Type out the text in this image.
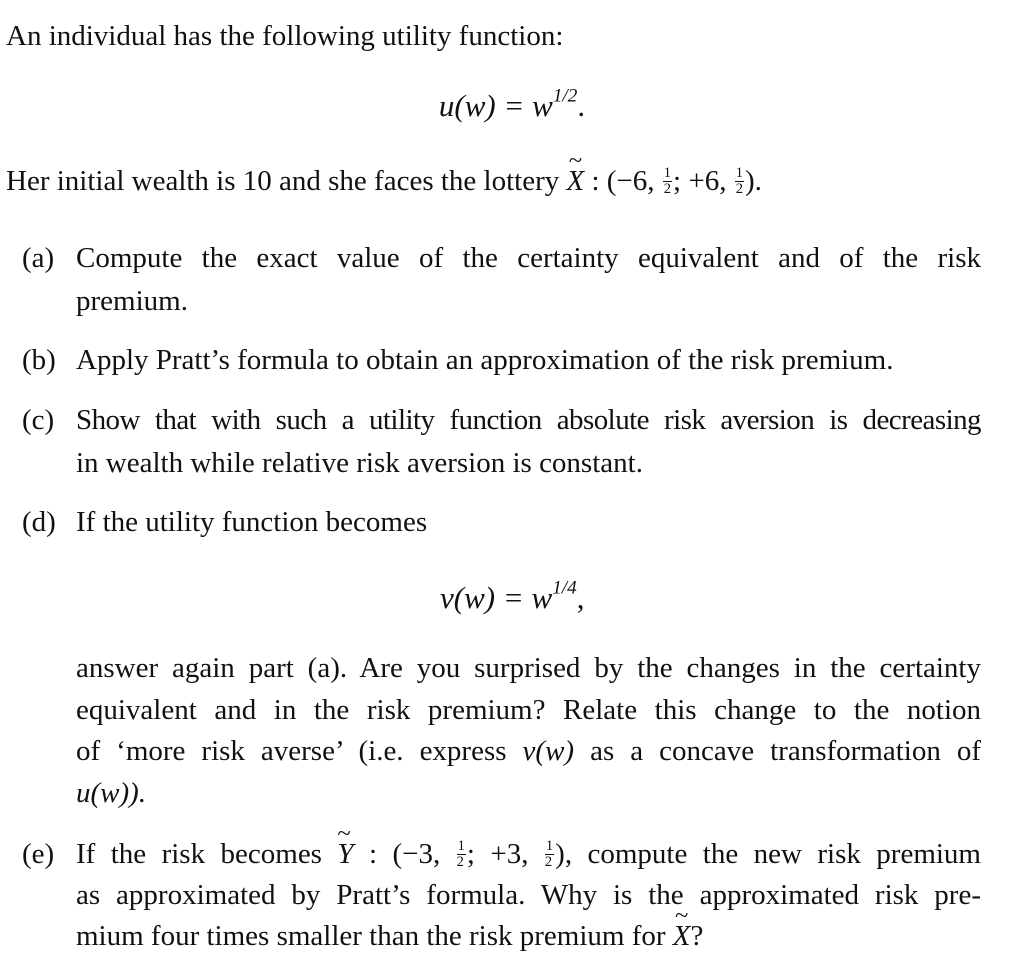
An individual has the following utility function:
$u(w) = w^{1/2}$.
Her initial wealth is 10 and she faces the lottery ~ X : (−6, $\frac{1}{2}$ ; +6, $\frac{1}{2}$ ).
(a) Compute the exact value of the certainty equivalent and of the risk
premium.
(b) Apply Pratt’s formula to obtain an approximation of the risk premium.
(c) Show that with such a utility function absolute risk aversion is decreasing
in wealth while relative risk aversion is constant.
(d) If the utility function becomes
$v(w) = w^{1/4}$,
answer again part (a). Are you surprised by the changes in the certainty
equivalent and in the risk premium? Relate this change to the notion
of ‘more risk averse’ (i.e. express v(w) as a concave transformation of
u(w)).
(e) If the risk becomes ~ Y : (−3, $\frac{1}{2}$ ; +3, $\frac{1}{2}$ ), compute the new risk premium
as approximated by Pratt’s formula. Why is the approximated risk pre-
mium four times smaller than the risk premium for ~ X?
